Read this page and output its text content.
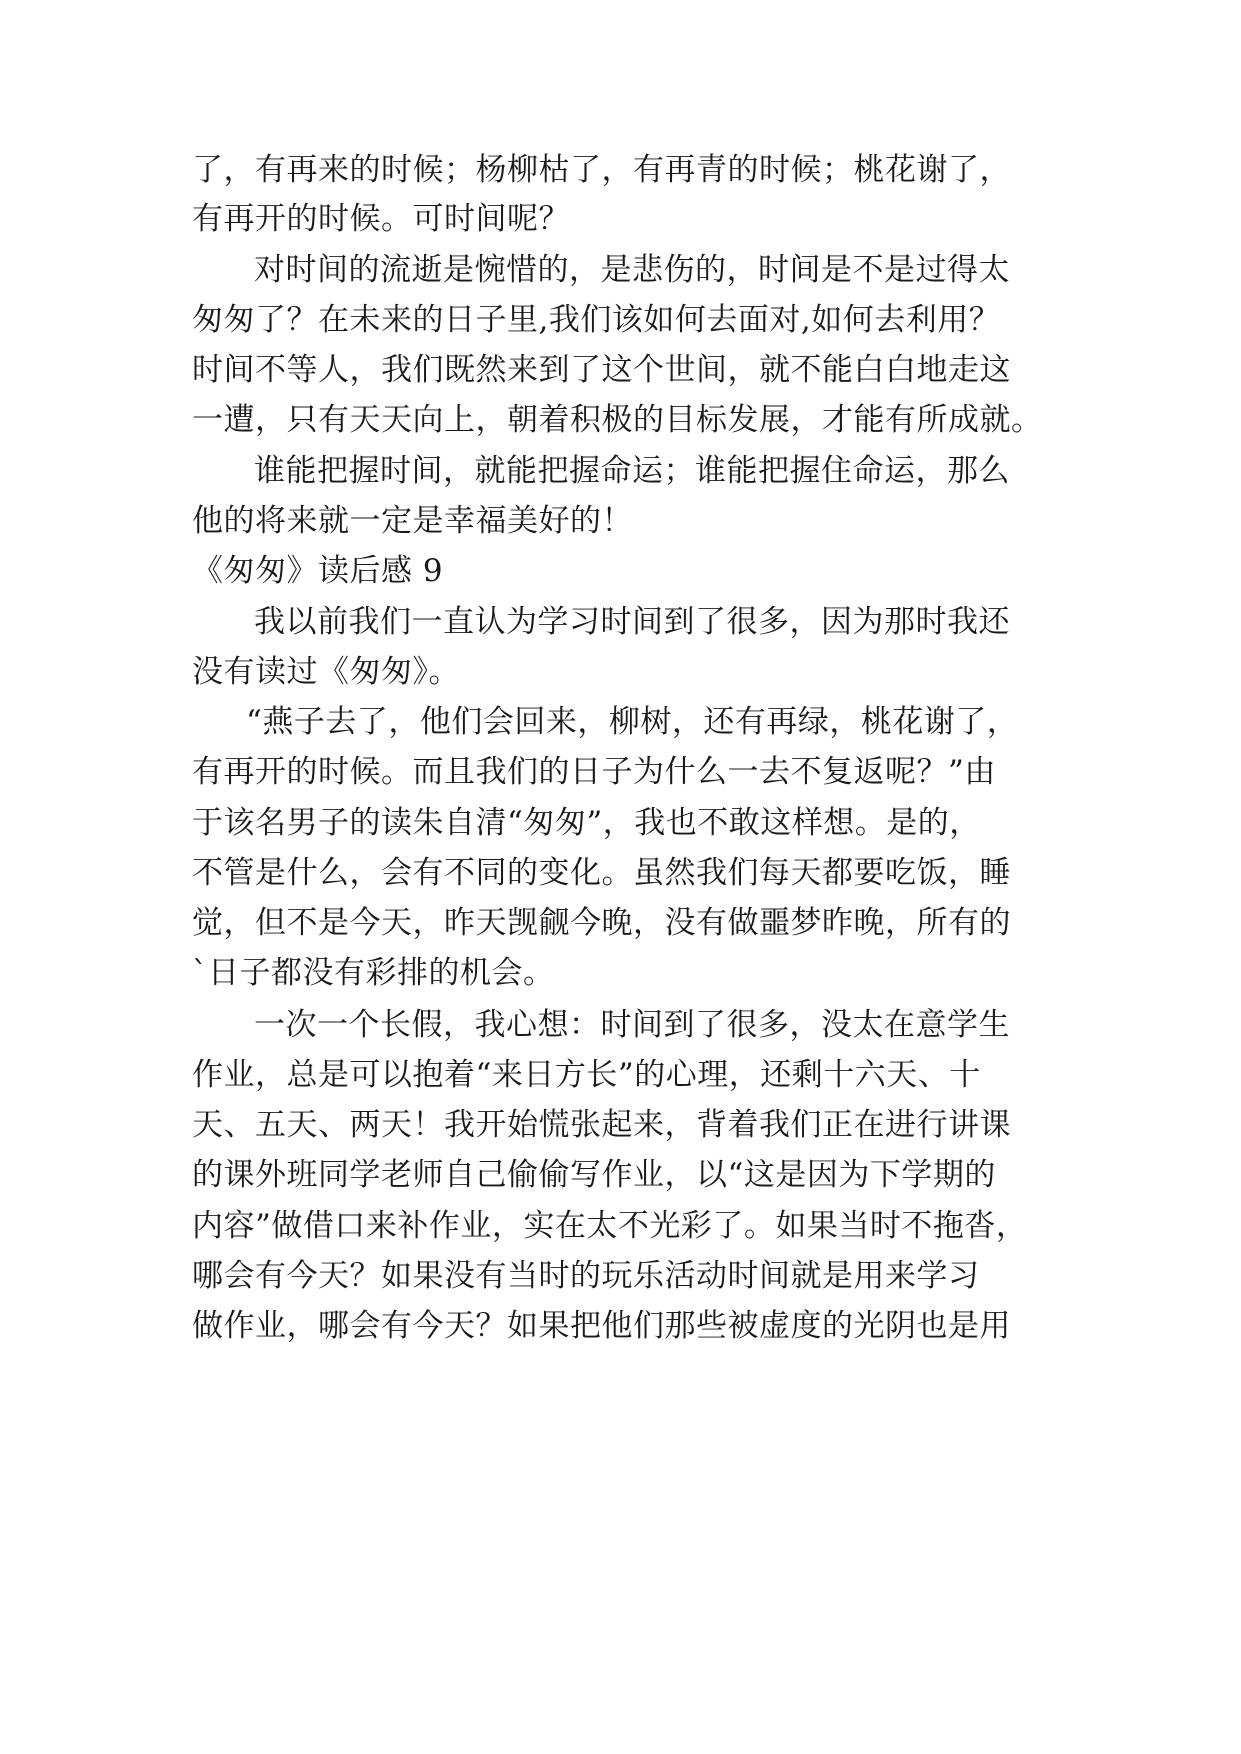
了，有再来的时候；杨柳枯了，有再青的时候；桃花谢了，
有再开的时候。可时间呢？
对时间的流逝是惋惜的，是悲伤的，时间是不是过得太
匆匆了？在未来的日子里,我们该如何去面对,如何去利用？
时间不等人，我们既然来到了这个世间，就不能白白地走这
一遭，只有天天向上，朝着积极的目标发展，才能有所成就。
谁能把握时间，就能把握命运；谁能把握住命运，那么
他的将来就一定是幸福美好的！
《匆匆》读后感 9
我以前我们一直认为学习时间到了很多，因为那时我还
没有读过《匆匆》。
“燕子去了，他们会回来，柳树，还有再绿，桃花谢了，
有再开的时候。而且我们的日子为什么一去不复返呢？”由
于该名男子的读朱自清“匆匆”，我也不敢这样想。是的，
不管是什么，会有不同的变化。虽然我们每天都要吃饭，睡
觉，但不是今天，昨天觊觎今晚，没有做噩梦昨晚，所有的
`日子都没有彩排的机会。
一次一个长假，我心想：时间到了很多，没太在意学生
作业，总是可以抱着“来日方长”的心理，还剩十六天、十
天、五天、两天！我开始慌张起来，背着我们正在进行讲课
的课外班同学老师自己偷偷写作业，以“这是因为下学期的
内容”做借口来补作业，实在太不光彩了。如果当时不拖沓，
哪会有今天？如果没有当时的玩乐活动时间就是用来学习
做作业，哪会有今天？如果把他们那些被虚度的光阴也是用
